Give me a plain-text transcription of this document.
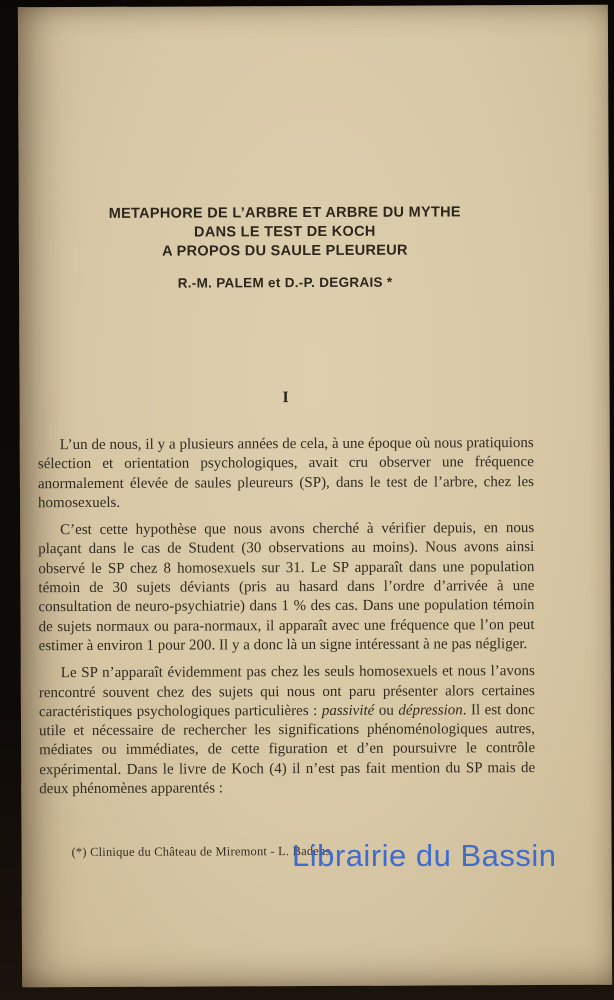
METAPHORE DE L’ARBRE ET ARBRE DU MYTHE
DANS LE TEST DE KOCH
A PROPOS DU SAULE PLEUREUR
R.-M. PALEM et D.-P. DEGRAIS *
I

L’un de nous, il y a plusieurs années de cela, à une époque où nous pratiquions sélection et orientation psychologiques, avait cru observer une fréquence anormalement élevée de saules pleureurs (SP), dans le test de l’arbre, chez les homosexuels.

C’est cette hypothèse que nous avons cherché à vérifier depuis, en nous plaçant dans le cas de Student (30 observations au moins). Nous avons ainsi observé le SP chez 8 homosexuels sur 31. Le SP apparaît dans une population témoin de 30 sujets déviants (pris au hasard dans l’ordre d’arrivée à une consultation de neuro-psychiatrie) dans 1 % des cas. Dans une population témoin de sujets normaux ou para-normaux, il apparaît avec une fréquence que l’on peut estimer à environ 1 pour 200. Il y a donc là un signe intéressant à ne pas négliger.

Le SP n’apparaît évidemment pas chez les seuls homosexuels et nous l’avons rencontré souvent chez des sujets qui nous ont paru présenter alors certaines caractéristiques psychologiques particulières : passivité ou dépression. Il est donc utile et nécessaire de rechercher les significations phénoménologiques autres, médiates ou immédiates, de cette figuration et d’en poursuivre le contrôle expérimental. Dans le livre de Koch (4) il n’est pas fait mention du SP mais de deux phénomènes apparentés :

(*) Clinique du Château de Miremont - L. Badens
Librairie du Bassin
